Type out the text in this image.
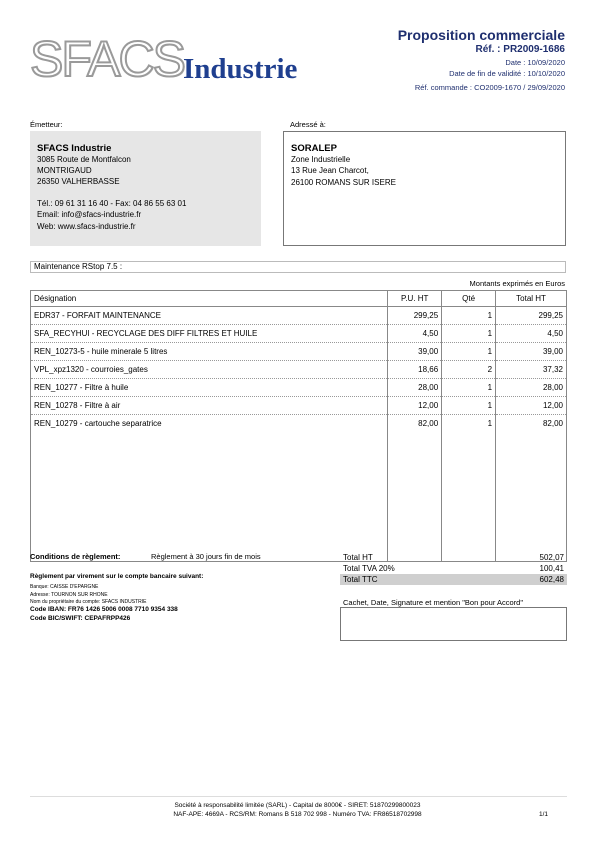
SFACS Industrie
Proposition commerciale
Réf. : PR2009-1686
Date : 10/09/2020
Date de fin de validité : 10/10/2020
Réf. commande : CO2009-1670 / 29/09/2020
Émetteur:
SFACS Industrie
3085 Route de Montfalcon
MONTRIGAUD
26350 VALHERBASSE
Tél.: 09 61 31 16 40 - Fax: 04 86 55 63 01
Email: info@sfacs-industrie.fr
Web: www.sfacs-industrie.fr
Adressé à:
SORALEP
Zone Industrielle
13 Rue Jean Charcot,
26100 ROMANS SUR ISERE
Maintenance RStop 7.5 :
Montants exprimés en Euros
Désignation	P.U. HT	Qté	Total HT
EDR37 - FORFAIT MAINTENANCE	299,25	1	299,25
SFA_RECYHUI - RECYCLAGE DES DIFF FILTRES ET HUILE	4,50	1	4,50
REN_10273-5 - huile minerale 5 litres	39,00	1	39,00
VPL_xpz1320 - courroies_gates	18,66	2	37,32
REN_10277 - Filtre à huile	28,00	1	28,00
REN_10278 - Filtre à air	12,00	1	12,00
REN_10279 - cartouche separatrice	82,00	1	82,00

Conditions de règlement:	Règlement à 30 jours fin de mois
Règlement par virement sur le compte bancaire suivant:
Banque: CAISSE D'EPARGNE
Adresse: TOURNON SUR RHONE
Nom du propriétaire du compte: SFACS INDUSTRIE
Code IBAN: FR76 1426 5006 0008 7710 9354 338
Code BIC/SWIFT: CEPAFRPP426
Total HT	502,07
Total TVA 20%	100,41
Total TTC	602,48
Cachet, Date, Signature et mention "Bon pour Accord"
Société à responsabilité limitée (SARL) - Capital de 8000€ - SIRET: 51870299800023
NAF-APE: 4669A - RCS/RM: Romans B 518 702 998 - Numéro TVA: FR86518702998	1/1
